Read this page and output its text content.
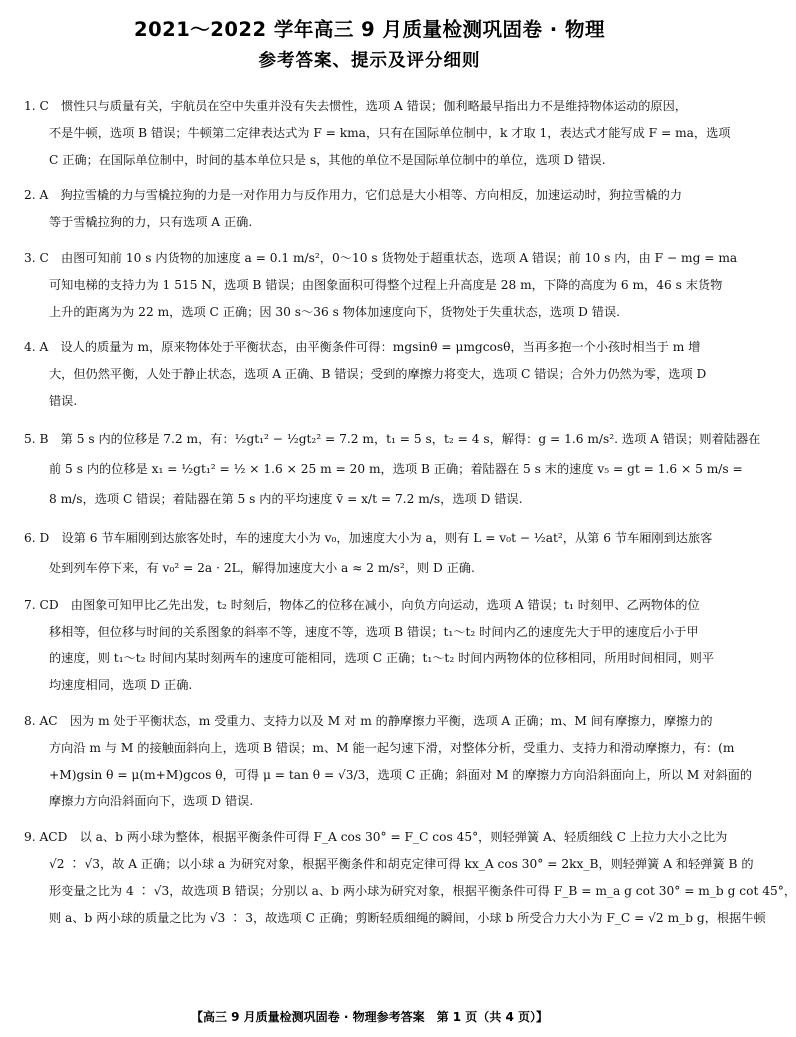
2021～2022 学年高三 9 月质量检测巩固卷 · 物理
参考答案、提示及评分细则
1. C　惯性只与质量有关，宇航员在空中失重并没有失去惯性，选项 A 错误；伽利略最早指出力不是维持物体运动的原因，
不是牛顿，选项 B 错误；牛顿第二定律表达式为 F = kma，只有在国际单位制中，k 才取 1，表达式才能写成 F = ma，选项
C 正确；在国际单位制中，时间的基本单位只是 s，其他的单位不是国际单位制中的单位，选项 D 错误.
2. A　狗拉雪橇的力与雪橇拉狗的力是一对作用力与反作用力，它们总是大小相等、方向相反，加速运动时，狗拉雪橇的力
等于雪橇拉狗的力，只有选项 A 正确.
3. C　由图可知前 10 s 内货物的加速度 a = 0.1 m/s²，0～10 s 货物处于超重状态，选项 A 错误；前 10 s 内，由 F − mg = ma
可知电梯的支持力为 1 515 N，选项 B 错误；由图象面积可得整个过程上升高度是 28 m，下降的高度为 6 m，46 s 末货物
上升的距离为为 22 m，选项 C 正确；因 30 s～36 s 物体加速度向下，货物处于失重状态，选项 D 错误.
4. A　设人的质量为 m，原来物体处于平衡状态，由平衡条件可得：mgsinθ = μmgcosθ，当再多抱一个小孩时相当于 m 增
大，但仍然平衡，人处于静止状态，选项 A 正确、B 错误；受到的摩擦力将变大，选项 C 错误；合外力仍然为零，选项 D
错误.
5. B　第 5 s 内的位移是 7.2 m，有：½gt₁² − ½gt₂² = 7.2 m，t₁ = 5 s，t₂ = 4 s，解得：g = 1.6 m/s². 选项 A 错误；则着陆器在
前 5 s 内的位移是 x₁ = ½gt₁² = ½ × 1.6 × 25 m = 20 m，选项 B 正确；着陆器在 5 s 末的速度 v₅ = gt = 1.6 × 5 m/s =
8 m/s，选项 C 错误；着陆器在第 5 s 内的平均速度 v̄ = x/t = 7.2 m/s，选项 D 错误.
6. D　设第 6 节车厢刚到达旅客处时，车的速度大小为 v₀，加速度大小为 a，则有 L = v₀t − ½at²，从第 6 节车厢刚到达旅客
处到列车停下来，有 v₀² = 2a · 2L，解得加速度大小 a ≈ 2 m/s²，则 D 正确.
7. CD　由图象可知甲比乙先出发，t₂ 时刻后，物体乙的位移在减小，向负方向运动，选项 A 错误；t₁ 时刻甲、乙两物体的位
移相等，但位移与时间的关系图象的斜率不等，速度不等，选项 B 错误；t₁～t₂ 时间内乙的速度先大于甲的速度后小于甲
的速度，则 t₁～t₂ 时间内某时刻两车的速度可能相同，选项 C 正确；t₁～t₂ 时间内两物体的位移相同，所用时间相同，则平
均速度相同，选项 D 正确.
8. AC　因为 m 处于平衡状态，m 受重力、支持力以及 M 对 m 的静摩擦力平衡，选项 A 正确；m、M 间有摩擦力，摩擦力的
方向沿 m 与 M 的接触面斜向上，选项 B 错误；m、M 能一起匀速下滑，对整体分析，受重力、支持力和滑动摩擦力，有：(m
+M)gsin θ = μ(m+M)gcos θ，可得 μ = tan θ = √3/3，选项 C 正确；斜面对 M 的摩擦力方向沿斜面向上，所以 M 对斜面的
摩擦力方向沿斜面向下，选项 D 错误.
9. ACD　以 a、b 两小球为整体，根据平衡条件可得 F_A cos 30° = F_C cos 45°，则轻弹簧 A、轻质细线 C 上拉力大小之比为
√2 ∶ √3，故 A 正确；以小球 a 为研究对象，根据平衡条件和胡克定律可得 kx_A cos 30° = 2kx_B，则轻弹簧 A 和轻弹簧 B 的
形变量之比为 4 ∶ √3，故选项 B 错误；分别以 a、b 两小球为研究对象，根据平衡条件可得 F_B = m_a g cot 30° = m_b g cot 45°，
则 a、b 两小球的质量之比为 √3 ∶ 3，故选项 C 正确；剪断轻质细绳的瞬间，小球 b 所受合力大小为 F_C = √2 m_b g，根据牛顿
【高三 9 月质量检测巩固卷 · 物理参考答案　第 1 页（共 4 页）】
